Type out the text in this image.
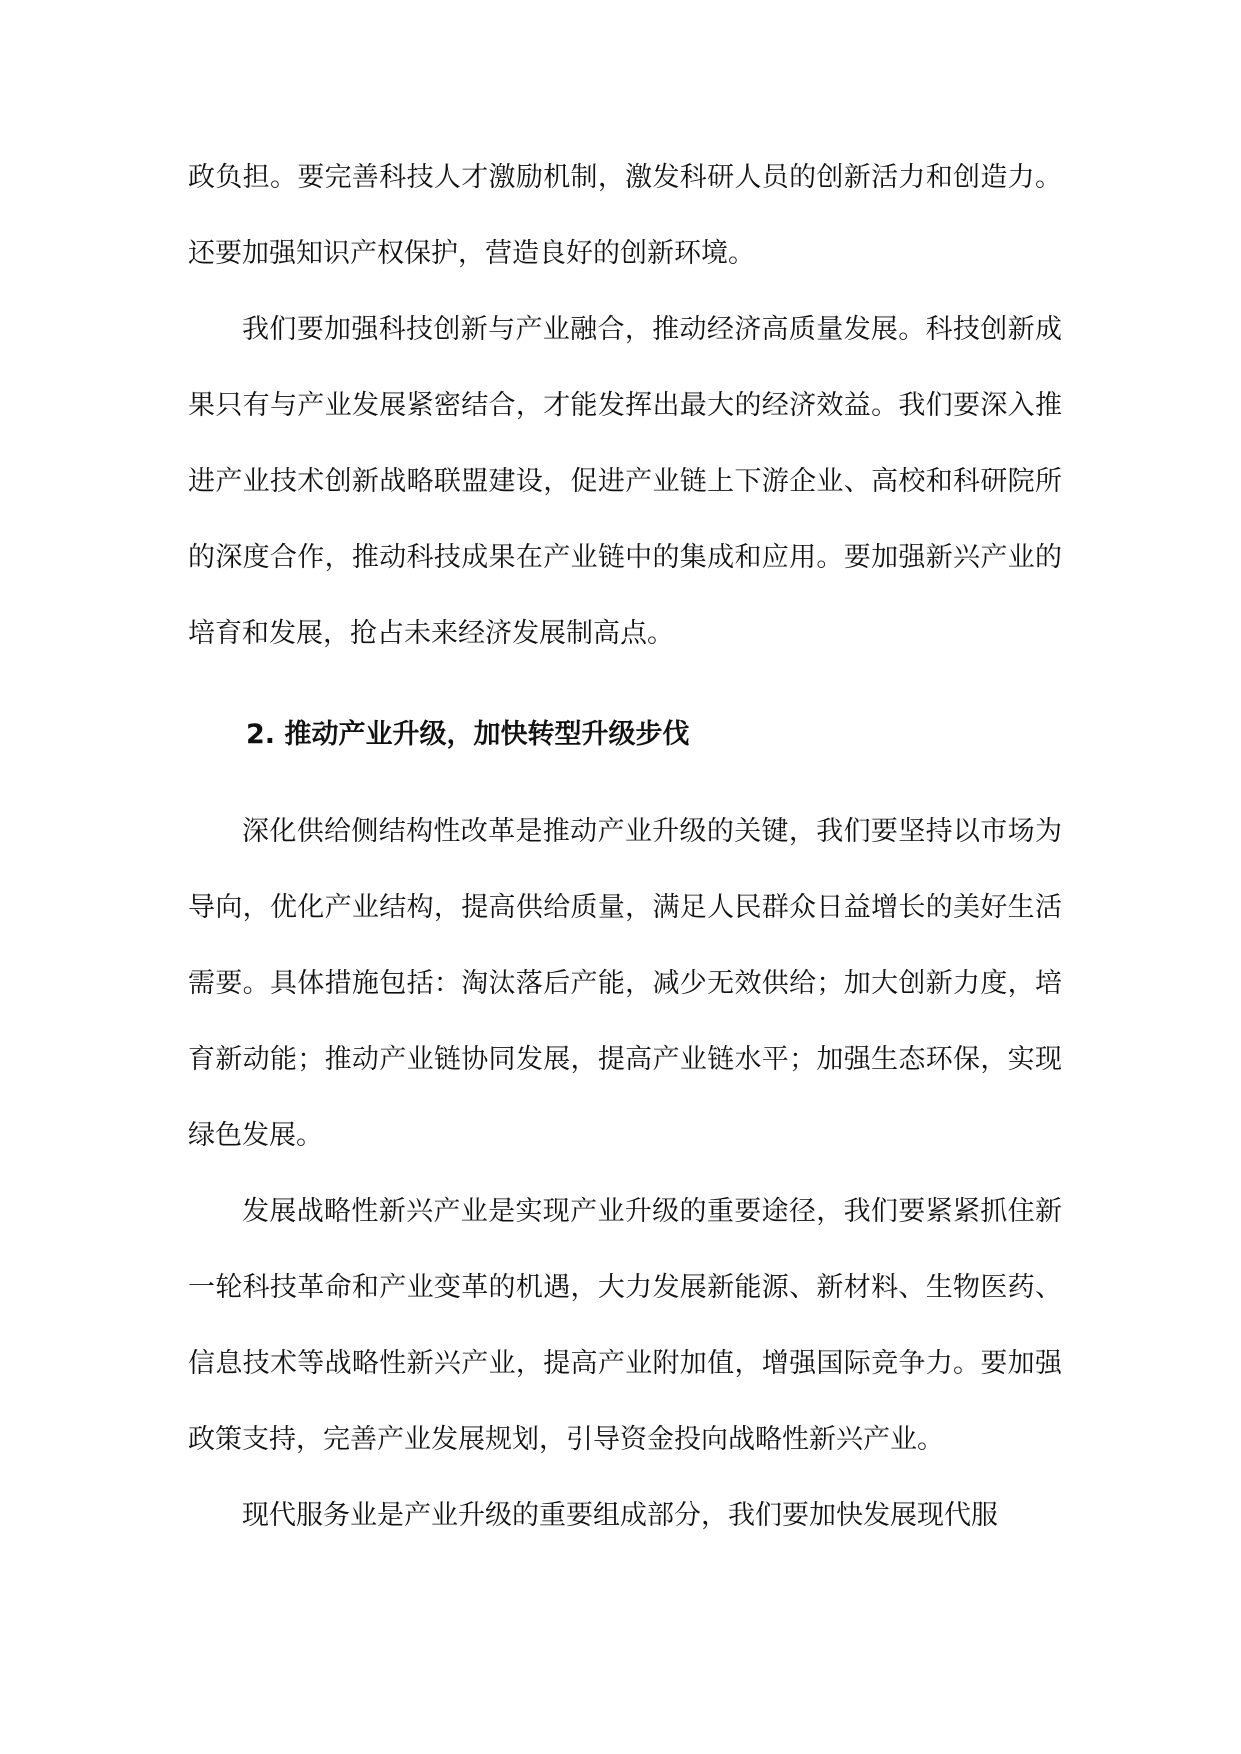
政负担。要完善科技人才激励机制，激发科研人员的创新活力和创造力。还要加强知识产权保护，营造良好的创新环境。

我们要加强科技创新与产业融合，推动经济高质量发展。科技创新成果只有与产业发展紧密结合，才能发挥出最大的经济效益。我们要深入推进产业技术创新战略联盟建设，促进产业链上下游企业、高校和科研院所的深度合作，推动科技成果在产业链中的集成和应用。要加强新兴产业的培育和发展，抢占未来经济发展制高点。

2. 推动产业升级，加快转型升级步伐

深化供给侧结构性改革是推动产业升级的关键，我们要坚持以市场为导向，优化产业结构，提高供给质量，满足人民群众日益增长的美好生活需要。具体措施包括：淘汰落后产能，减少无效供给；加大创新力度，培育新动能；推动产业链协同发展，提高产业链水平；加强生态环保，实现绿色发展。

发展战略性新兴产业是实现产业升级的重要途径，我们要紧紧抓住新一轮科技革命和产业变革的机遇，大力发展新能源、新材料、生物医药、信息技术等战略性新兴产业，提高产业附加值，增强国际竞争力。要加强政策支持，完善产业发展规划，引导资金投向战略性新兴产业。

现代服务业是产业升级的重要组成部分，我们要加快发展现代服
